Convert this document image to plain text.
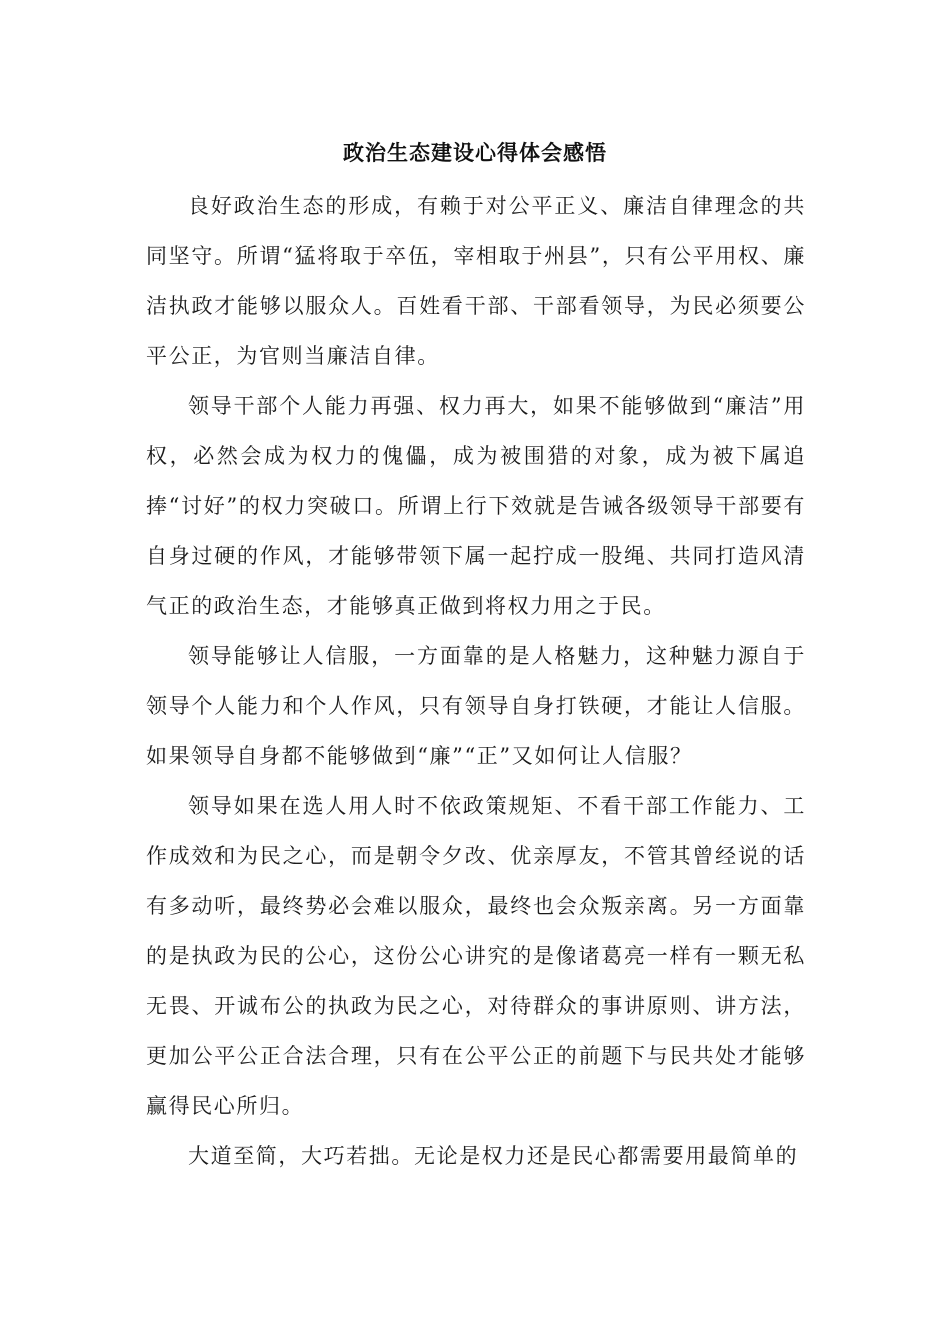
政治生态建设心得体会感悟

良好政治生态的形成，有赖于对公平正义、廉洁自律理念的共同坚守。所谓“猛将取于卒伍，宰相取于州县”，只有公平用权、廉洁执政才能够以服众人。百姓看干部、干部看领导，为民必须要公平公正，为官则当廉洁自律。

领导干部个人能力再强、权力再大，如果不能够做到“廉洁”用权，必然会成为权力的傀儡，成为被围猎的对象，成为被下属追捧“讨好”的权力突破口。所谓上行下效就是告诫各级领导干部要有自身过硬的作风，才能够带领下属一起拧成一股绳、共同打造风清气正的政治生态，才能够真正做到将权力用之于民。

领导能够让人信服，一方面靠的是人格魅力，这种魅力源自于领导个人能力和个人作风，只有领导自身打铁硬，才能让人信服。如果领导自身都不能够做到“廉”“正”又如何让人信服？

领导如果在选人用人时不依政策规矩、不看干部工作能力、工作成效和为民之心，而是朝令夕改、优亲厚友，不管其曾经说的话有多动听，最终势必会难以服众，最终也会众叛亲离。另一方面靠的是执政为民的公心，这份公心讲究的是像诸葛亮一样有一颗无私无畏、开诚布公的执政为民之心，对待群众的事讲原则、讲方法，更加公平公正合法合理，只有在公平公正的前题下与民共处才能够赢得民心所归。

大道至简，大巧若拙。无论是权力还是民心都需要用最简单的
